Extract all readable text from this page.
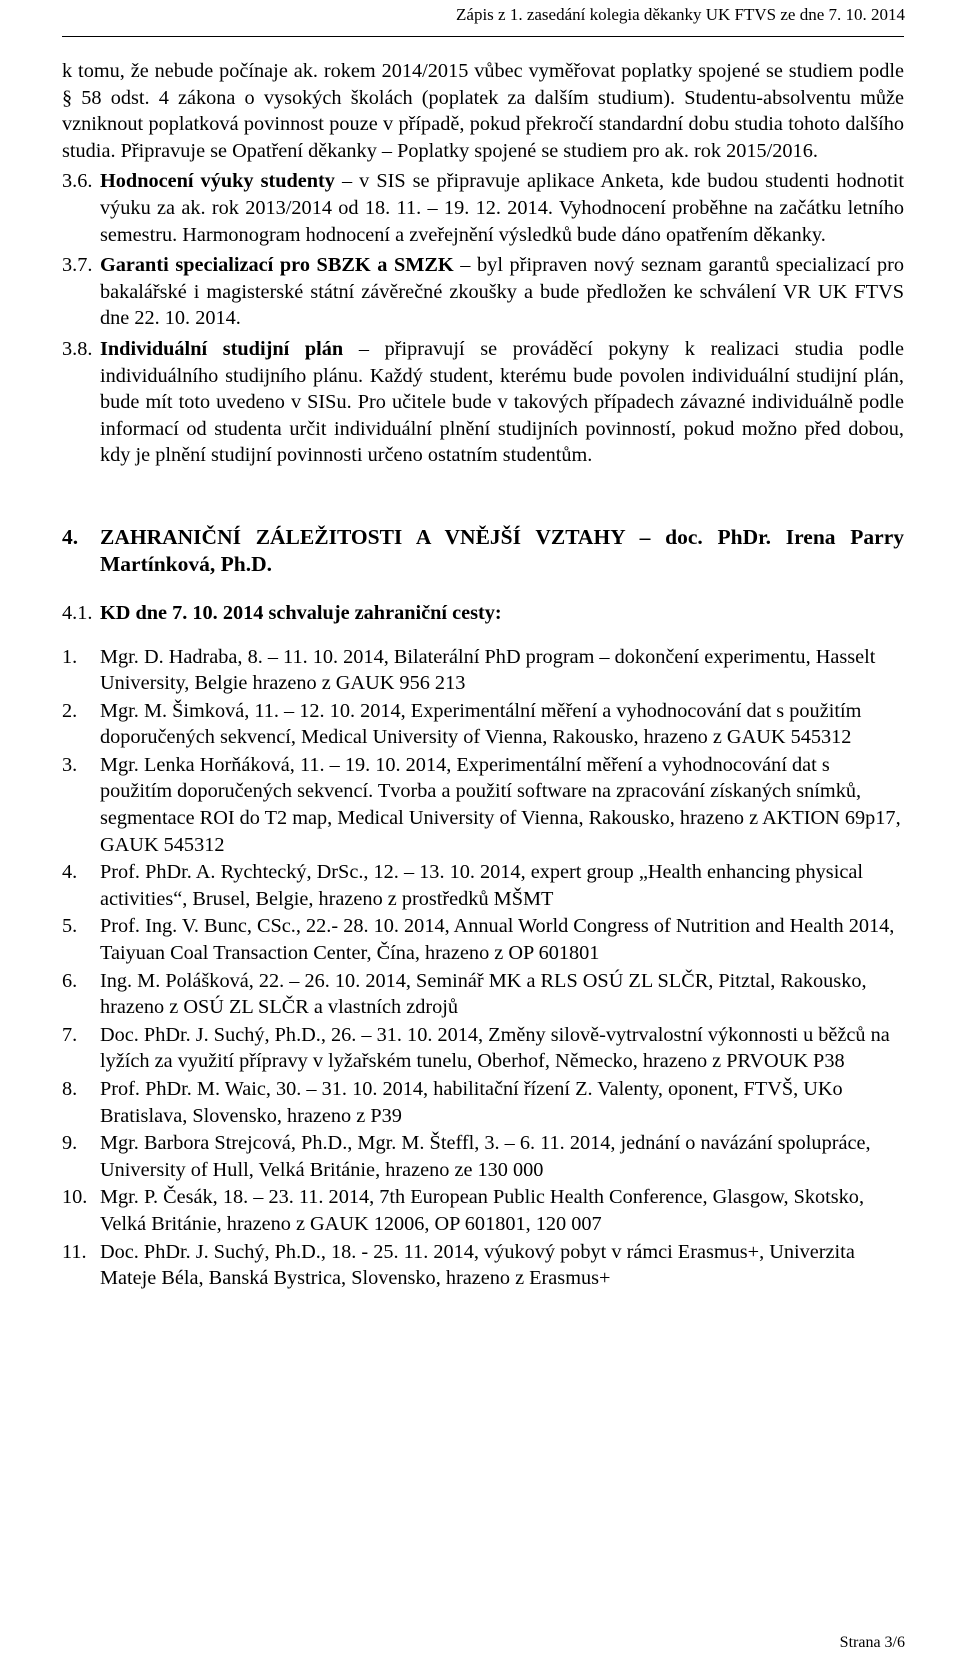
Zápis z 1. zasedání kolegia děkanky UK FTVS ze dne 7. 10. 2014

k tomu, že nebude počínaje ak. rokem 2014/2015 vůbec vyměřovat poplatky spojené se studiem podle § 58 odst. 4 zákona o vysokých školách (poplatek za dalším studium). Studentu-absolventu může vzniknout poplatková povinnost pouze v případě, pokud překročí standardní dobu studia tohoto dalšího studia. Připravuje se Opatření děkanky – Poplatky spojené se studiem pro ak. rok 2015/2016.

3.6. Hodnocení výuky studenty – v SIS se připravuje aplikace Anketa, kde budou studenti hodnotit výuku za ak. rok 2013/2014 od 18. 11. – 19. 12. 2014. Vyhodnocení proběhne na začátku letního semestru. Harmonogram hodnocení a zveřejnění výsledků bude dáno opatřením děkanky.
3.7. Garanti specializací pro SBZK a SMZK – byl připraven nový seznam garantů specializací pro bakalářské i magisterské státní závěrečné zkoušky a bude předložen ke schválení VR UK FTVS dne 22. 10. 2014.
3.8. Individuální studijní plán – připravují se prováděcí pokyny k realizaci studia podle individuálního studijního plánu. Každý student, kterému bude povolen individuální studijní plán, bude mít toto uvedeno v SISu. Pro učitele bude v takových případech závazné individuálně podle informací od studenta určit individuální plnění studijních povinností, pokud možno před dobou, kdy je plnění studijní povinnosti určeno ostatním studentům.
4.	ZAHRANIČNÍ ZÁLEŽITOSTI A VNĚJŠÍ VZTAHY – doc. PhDr. Irena Parry Martínková, Ph.D.
4.1. KD dne 7. 10. 2014 schvaluje zahraniční cesty:
1.	Mgr. D. Hadraba, 8. – 11. 10. 2014, Bilaterální PhD program – dokončení experimentu, Hasselt University, Belgie hrazeno z GAUK 956 213
2.	Mgr. M. Šimková, 11. – 12. 10. 2014, Experimentální měření a vyhodnocování dat s použitím doporučených sekvencí, Medical University of Vienna, Rakousko, hrazeno z GAUK 545312
3.	Mgr. Lenka Horňáková, 11. – 19. 10. 2014, Experimentální měření a vyhodnocování dat s použitím doporučených sekvencí. Tvorba a použití software na zpracování získaných snímků, segmentace ROI do T2 map, Medical University of Vienna, Rakousko, hrazeno z AKTION 69p17, GAUK 545312
4.	Prof. PhDr. A. Rychtecký, DrSc., 12. – 13. 10. 2014, expert group „Health enhancing physical activities“, Brusel, Belgie, hrazeno z prostředků MŠMT
5.	Prof. Ing. V. Bunc, CSc., 22.- 28. 10. 2014, Annual World Congress of Nutrition and Health 2014, Taiyuan Coal Transaction Center, Čína, hrazeno z OP 601801
6.	Ing. M. Polášková, 22. – 26. 10. 2014, Seminář MK a RLS OSÚ ZL SLČR, Pitztal, Rakousko, hrazeno z OSÚ ZL SLČR a vlastních zdrojů
7.	Doc. PhDr. J. Suchý, Ph.D., 26. – 31. 10. 2014, Změny silově-vytrvalostní výkonnosti u běžců na lyžích za využití přípravy v lyžařském tunelu, Oberhof, Německo, hrazeno z PRVOUK P38
8.	Prof. PhDr. M. Waic, 30. – 31. 10. 2014, habilitační řízení Z. Valenty, oponent, FTVŠ, UKo Bratislava, Slovensko, hrazeno z P39
9.	Mgr. Barbora Strejcová, Ph.D., Mgr. M. Šteffl, 3. – 6. 11. 2014, jednání o navázání spolupráce, University of Hull, Velká Británie, hrazeno ze 130 000
10. Mgr. P. Česák, 18. – 23. 11. 2014, 7th European Public Health Conference, Glasgow, Skotsko, Velká Británie, hrazeno z GAUK 12006, OP 601801, 120 007
11. Doc. PhDr. J. Suchý, Ph.D., 18. - 25. 11. 2014, výukový pobyt v rámci Erasmus+, Univerzita Mateje Béla, Banská Bystrica, Slovensko, hrazeno z Erasmus+
Strana 3/6
